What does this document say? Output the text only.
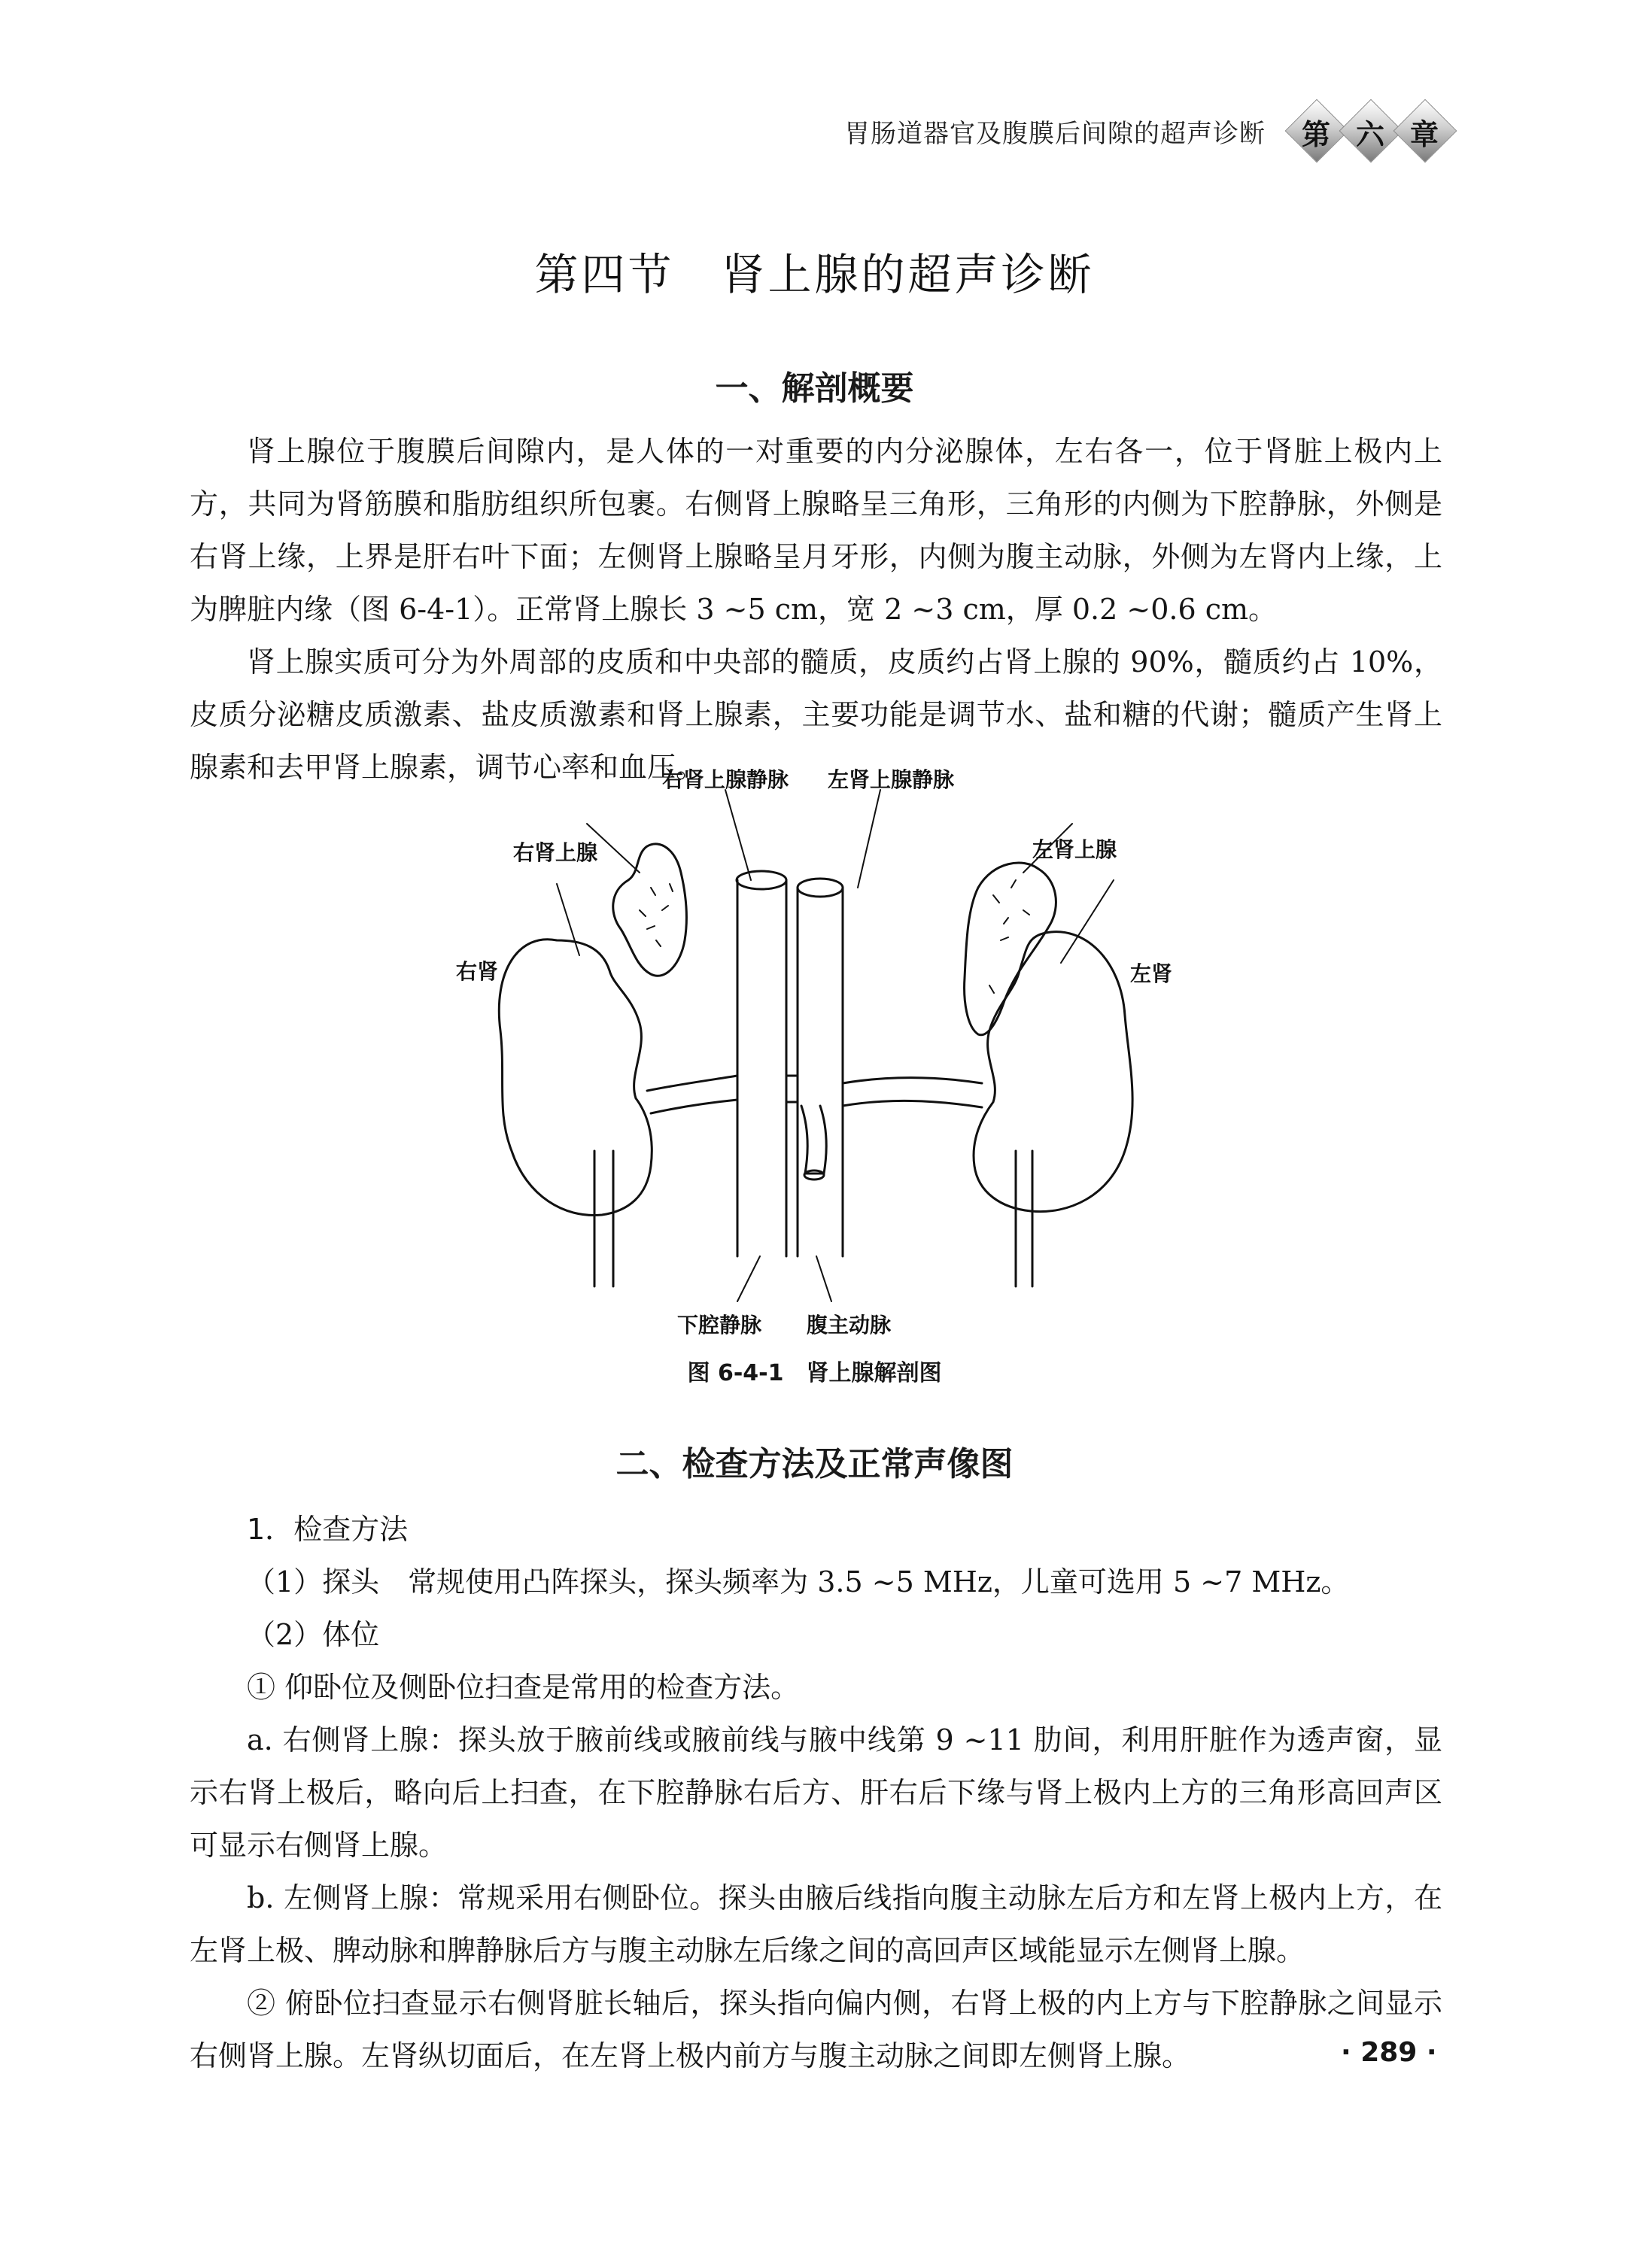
胃肠道器官及腹膜后间隙的超声诊断	第 六 章
第四节　肾上腺的超声诊断
一、解剖概要

肾上腺位于腹膜后间隙内，是人体的一对重要的内分泌腺体，左右各一，位于肾脏上极内上方，共同为肾筋膜和脂肪组织所包裹。右侧肾上腺略呈三角形，三角形的内侧为下腔静脉，外侧是右肾上缘，上界是肝右叶下面；左侧肾上腺略呈月牙形，内侧为腹主动脉，外侧为左肾内上缘，上为脾脏内缘（图 6-4-1）。正常肾上腺长 3 ~5 cm，宽 2 ~3 cm，厚 0.2 ~0.6 cm。

肾上腺实质可分为外周部的皮质和中央部的髓质，皮质约占肾上腺的 90%，髓质约占 10%，皮质分泌糖皮质激素、盐皮质激素和肾上腺素，主要功能是调节水、盐和糖的代谢；髓质产生肾上腺素和去甲肾上腺素，调节心率和血压。

右肾上腺静脉 左肾上腺静脉
右肾上腺	左肾上腺
右肾	左肾
下腔静脉 腹主动脉
图 6-4-1　肾上腺解剖图
二、检查方法及正常声像图
1．检查方法
（1）探头　常规使用凸阵探头，探头频率为 3.5 ~5 MHz，儿童可选用 5 ~7 MHz。
（2）体位
① 仰卧位及侧卧位扫查是常用的检查方法。

a. 右侧肾上腺：探头放于腋前线或腋前线与腋中线第 9 ~11 肋间，利用肝脏作为透声窗，显示右肾上极后，略向后上扫查，在下腔静脉右后方、肝右后下缘与肾上极内上方的三角形高回声区可显示右侧肾上腺。

b. 左侧肾上腺：常规采用右侧卧位。探头由腋后线指向腹主动脉左后方和左肾上极内上方，在左肾上极、脾动脉和脾静脉后方与腹主动脉左后缘之间的高回声区域能显示左侧肾上腺。

② 俯卧位扫查显示右侧肾脏长轴后，探头指向偏内侧，右肾上极的内上方与下腔静脉之间显示右侧肾上腺。左肾纵切面后，在左肾上极内前方与腹主动脉之间即左侧肾上腺。	· 289 ·
